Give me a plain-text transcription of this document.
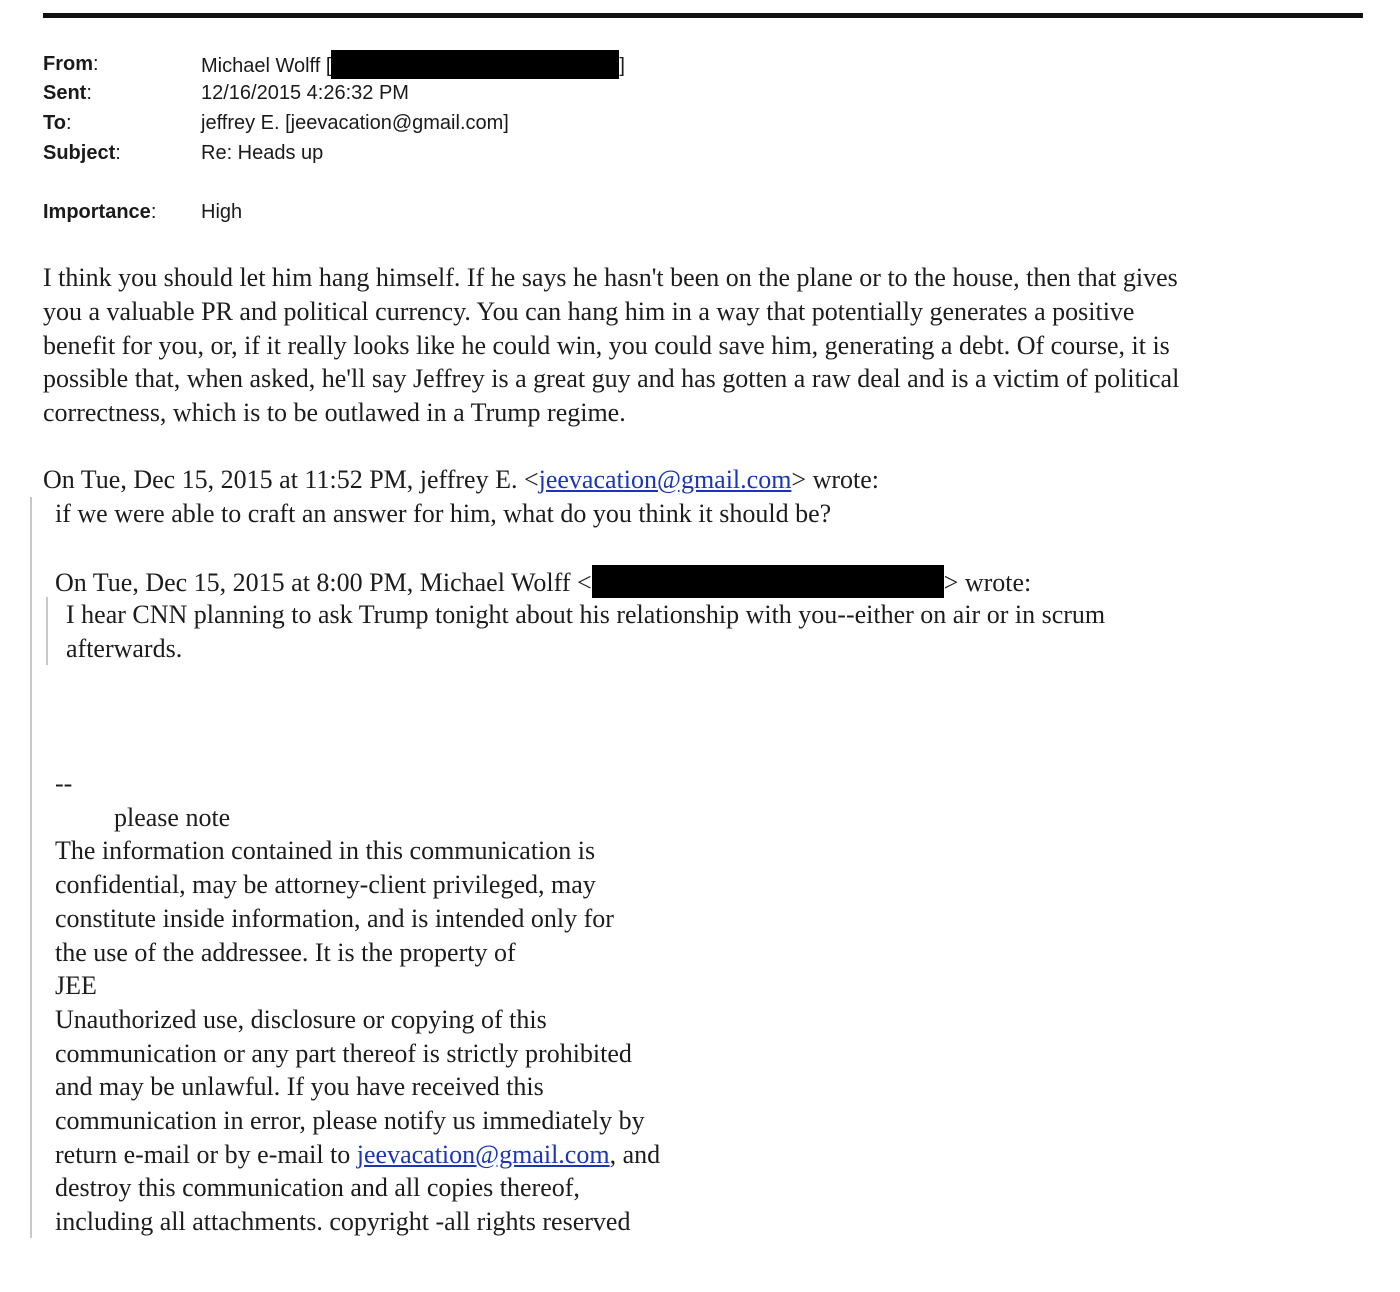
From:	Michael Wolff [	]
Sent:	12/16/2015 4:26:32 PM
To:	jeffrey E. [jeevacation@gmail.com]
Subject:	Re: Heads up
Importance:	High
I think you should let him hang himself. If he says he hasn't been on the plane or to the house, then that gives
you a valuable PR and political currency. You can hang him in a way that potentially generates a positive
benefit for you, or, if it really looks like he could win, you could save him, generating a debt. Of course, it is
possible that, when asked, he'll say Jeffrey is a great guy and has gotten a raw deal and is a victim of political
correctness, which is to be outlawed in a Trump regime.
On Tue, Dec 15, 2015 at 11:52 PM, jeffrey E. <jeevacation@gmail.com> wrote:
if we were able to craft an answer for him, what do you think it should be?
On Tue, Dec 15, 2015 at 8:00 PM, Michael Wolff <	> wrote:
I hear CNN planning to ask Trump tonight about his relationship with you--either on air or in scrum
afterwards.
--
please note
The information contained in this communication is
confidential, may be attorney-client privileged, may
constitute inside information, and is intended only for
the use of the addressee. It is the property of
JEE
Unauthorized use, disclosure or copying of this
communication or any part thereof is strictly prohibited
and may be unlawful. If you have received this
communication in error, please notify us immediately by
return e-mail or by e-mail to jeevacation@gmail.com, and
destroy this communication and all copies thereof,
including all attachments. copyright -all rights reserved
